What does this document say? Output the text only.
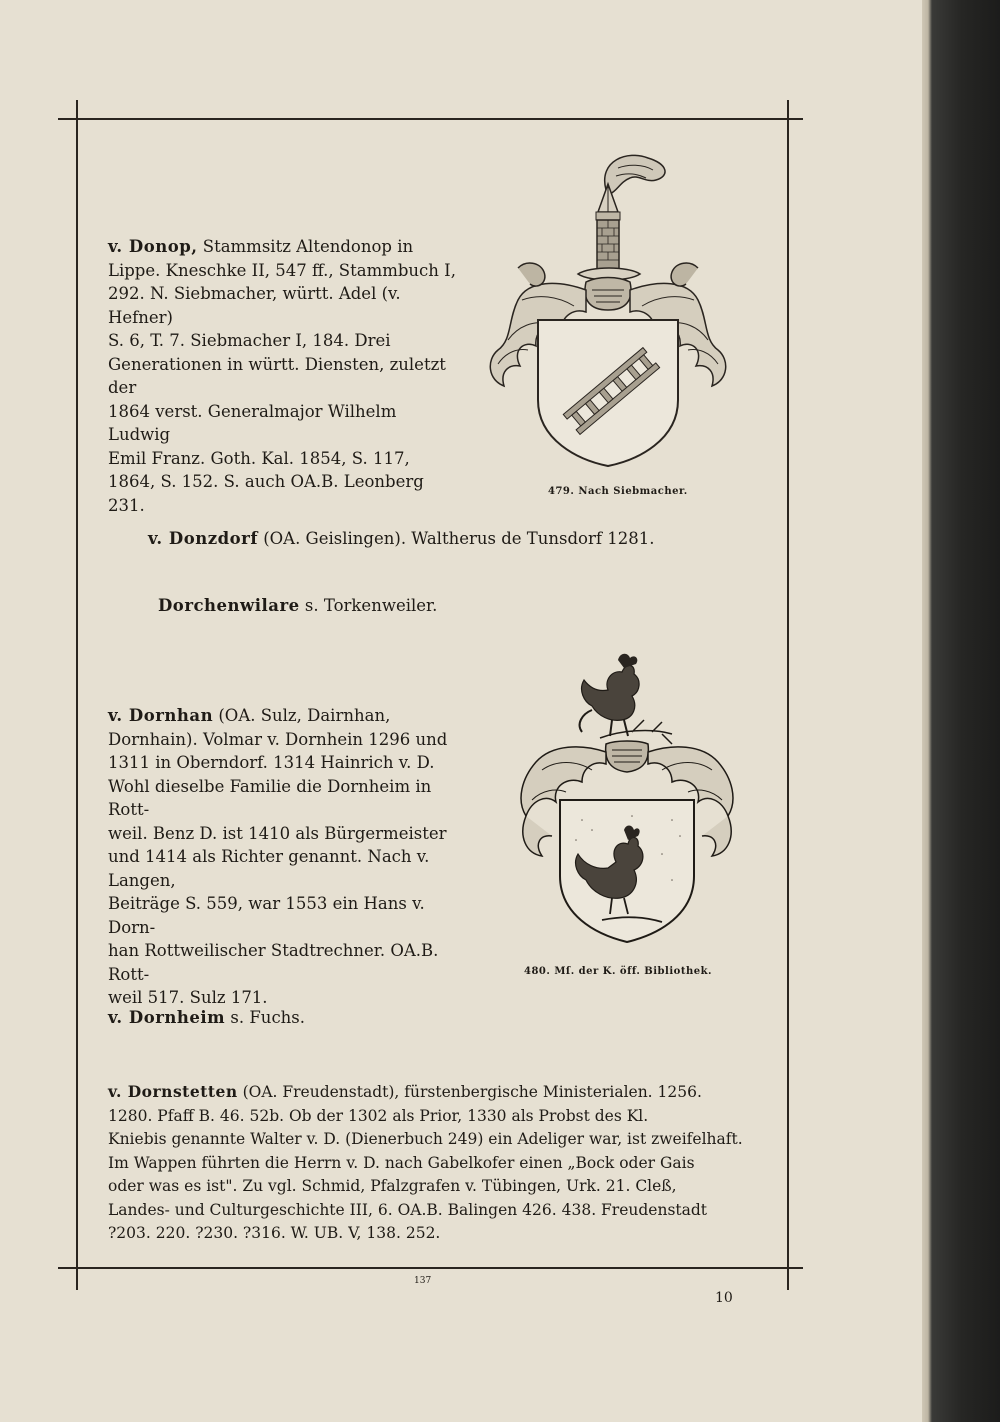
v. Donop, Stammsitz Altendonop in
Lippe. Kneschke II, 547 ff., Stammbuch I,
292. N. Siebmacher, württ. Adel (v. Hefner)
S. 6, T. 7. Siebmacher I, 184. Drei
Generationen in württ. Diensten, zuletzt der
1864 verst. Generalmajor Wilhelm Ludwig
Emil Franz. Goth. Kal. 1854, S. 117,
1864, S. 152. S. auch OA.B. Leonberg 231.
479. Nach Siebmacher.
v. Donzdorf (OA. Geislingen). Waltherus de Tunsdorf 1281.
Dorchenwilare s. Torkenweiler.
v. Dornhan (OA. Sulz, Dairnhan,
Dornhain). Volmar v. Dornhein 1296 und
1311 in Oberndorf. 1314 Hainrich v. D.
Wohl dieselbe Familie die Dornheim in Rott-
weil. Benz D. ist 1410 als Bürgermeister
und 1414 als Richter genannt. Nach v. Langen,
Beiträge S. 559, war 1553 ein Hans v. Dorn-
han Rottweilischer Stadtrechner. OA.B. Rott-
weil 517. Sulz 171.
480. Mſ. der K. öff. Bibliothek.
v. Dornheim s. Fuchs.
v. Dornstetten (OA. Freudenstadt), fürstenbergische Ministerialen. 1256.
1280. Pfaff B. 46. 52b. Ob der 1302 als Prior, 1330 als Probst des Kl.
Kniebis genannte Walter v. D. (Dienerbuch 249) ein Adeliger war, ist zweifelhaft.
Im Wappen führten die Herrn v. D. nach Gabelkofer einen „Bock oder Gais
oder was es ist". Zu vgl. Schmid, Pfalzgrafen v. Tübingen, Urk. 21. Cleß,
Landes- und Culturgeschichte III, 6. OA.B. Balingen 426. 438. Freudenstadt
?203. 220. ?230. ?316. W. UB. V, 138. 252.
137
10
